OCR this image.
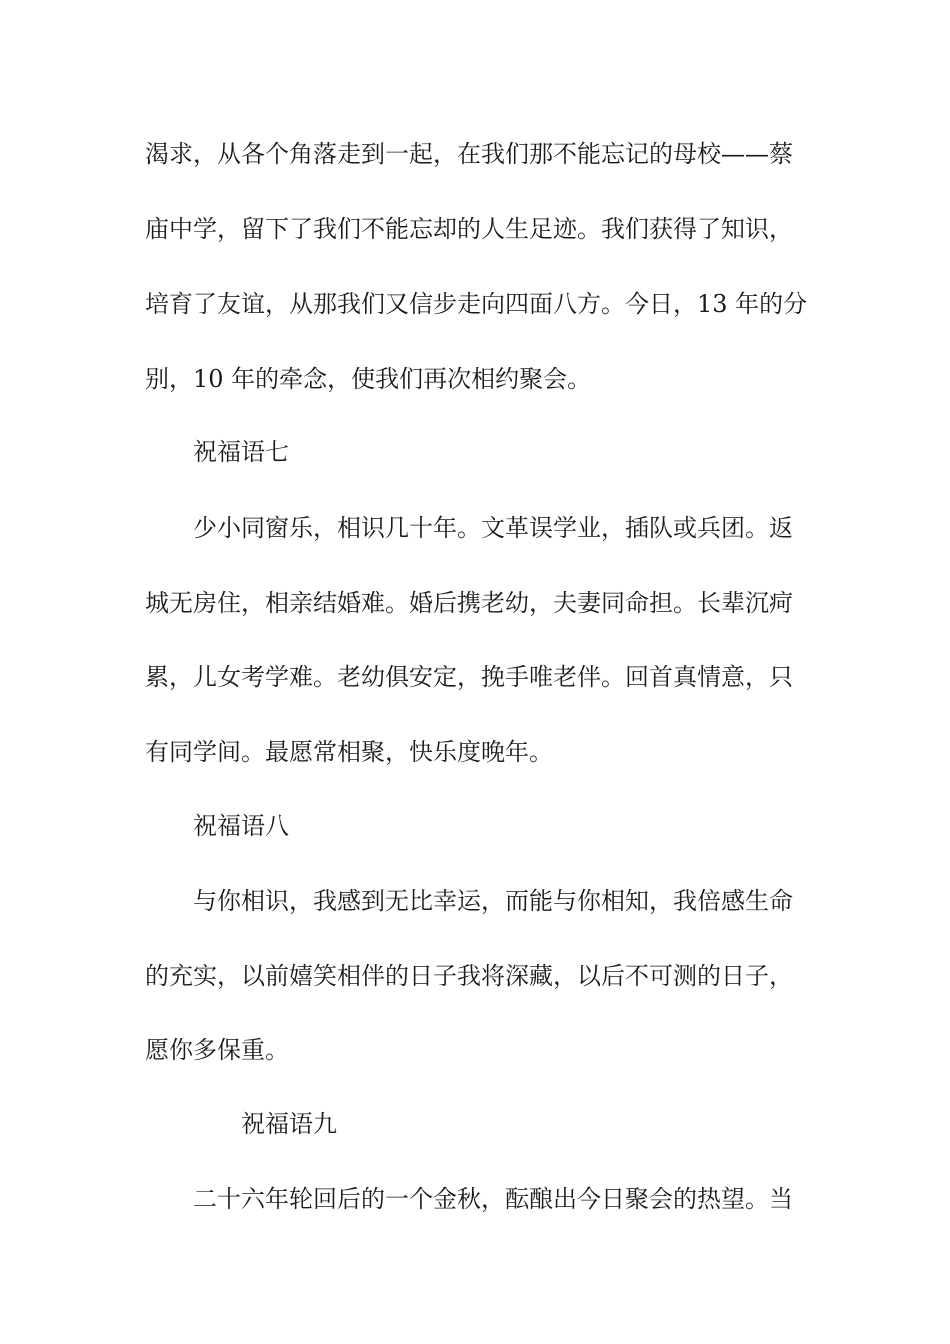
渴求，从各个角落走到一起，在我们那不能忘记的母校——蔡
庙中学，留下了我们不能忘却的人生足迹。我们获得了知识，
培育了友谊，从那我们又信步走向四面八方。今日，13 年的分
别，10 年的牵念，使我们再次相约聚会。
祝福语七
少小同窗乐，相识几十年。文革误学业，插队或兵团。返
城无房住，相亲结婚难。婚后携老幼，夫妻同命担。长辈沉疴
累，儿女考学难。老幼俱安定，挽手唯老伴。回首真情意，只
有同学间。最愿常相聚，快乐度晚年。
祝福语八
与你相识，我感到无比幸运，而能与你相知，我倍感生命
的充实，以前嬉笑相伴的日子我将深藏，以后不可测的日子，
愿你多保重。
祝福语九
二十六年轮回后的一个金秋，酝酿出今日聚会的热望。当
